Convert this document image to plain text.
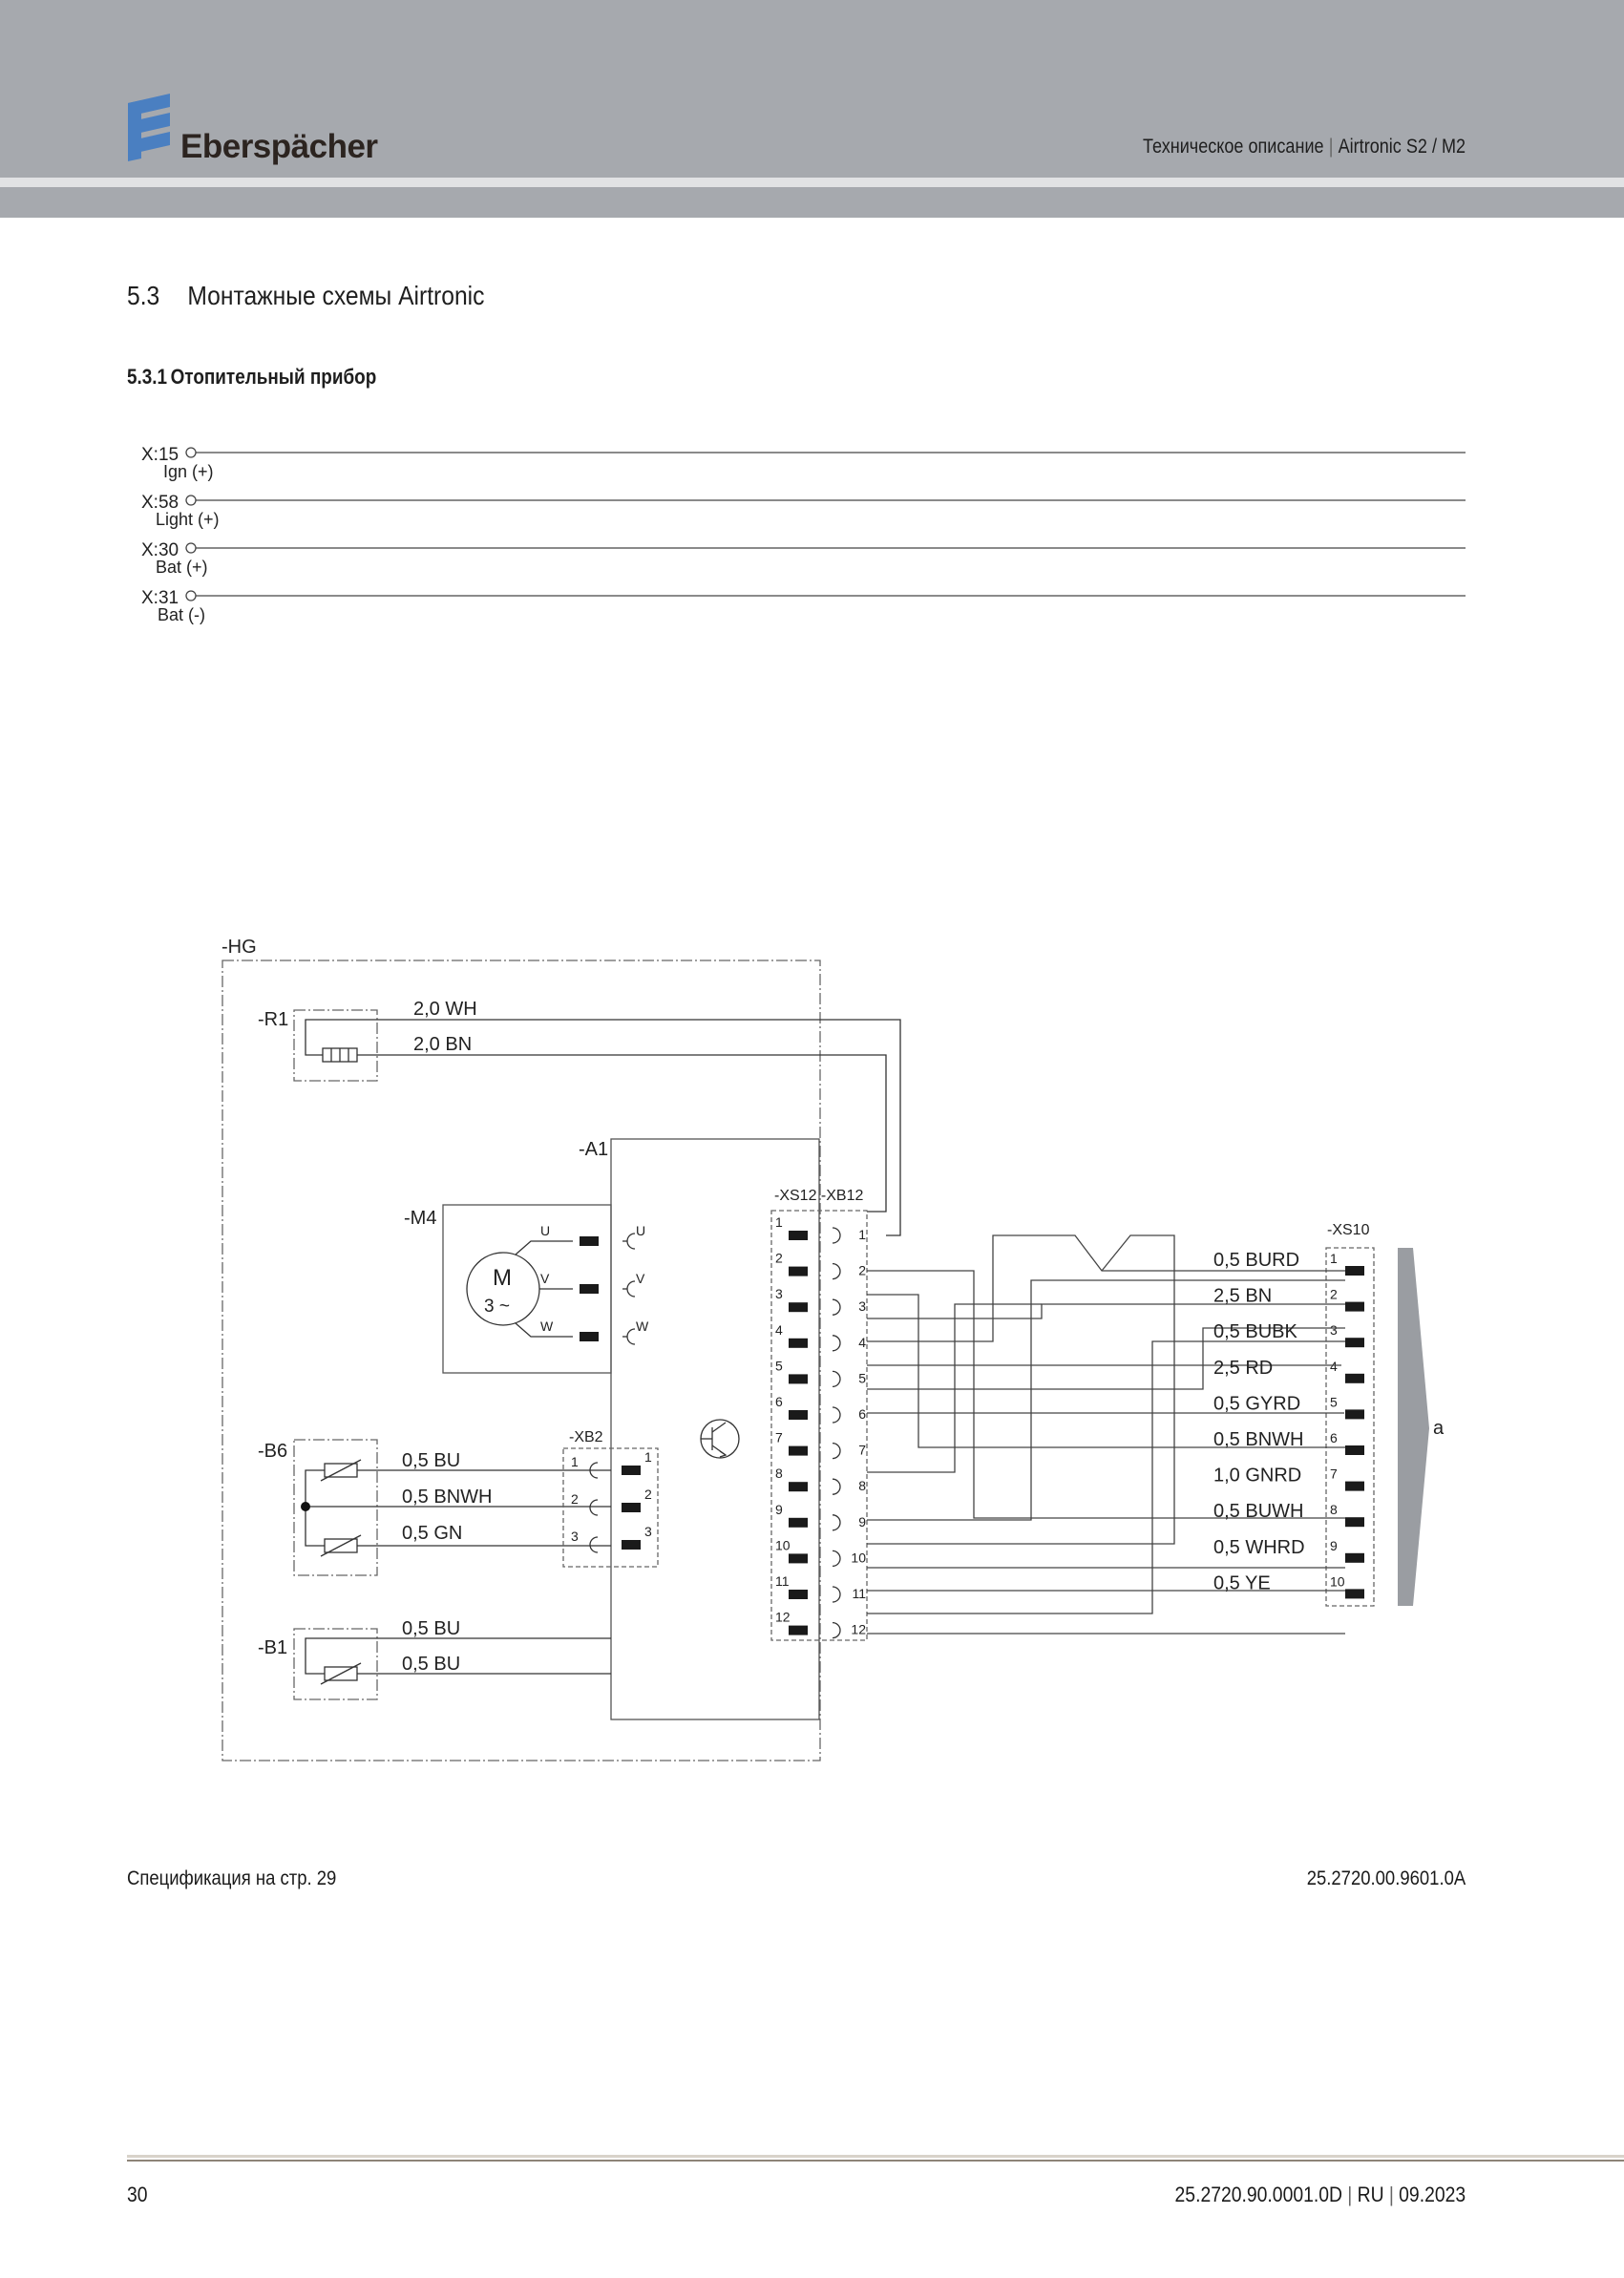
Eberspächer	Техническое описание | Airtronic S2 / M2
5.3 Монтажные схемы Airtronic
5.3.1 Отопительный прибор
X:15
Ign (+)
X:58
Light (+)
X:30
Bat (+)
X:31
Bat (-)
-HG
-R1	2,0 WH
2,0 BN
-A1
-M4
M
3 ~
U
V
W
U
V
W
-B6	0,5 BU
0,5 BNWH
0,5 GN
-XB2
1
2
3
1
2
3
-B1
0,5 BU
0,5 BU
-XS12 -XB12
1
1
2
2
3
3
4
4
5
5
6
6
7
7
8
8
9
9
10
10
11
11
12
12
-XS10
1
2
3
4
5
6
7
8
9
10
a
0,5 BURD
2,5 BN
0,5 BUBK
2,5 RD
0,5 GYRD
0,5 BNWH
1,0 GNRD
0,5 BUWH
0,5 WHRD
0,5 YE
Спецификация на стр. 29	25.2720.00.9601.0A
30	25.2720.90.0001.0D | RU | 09.2023
